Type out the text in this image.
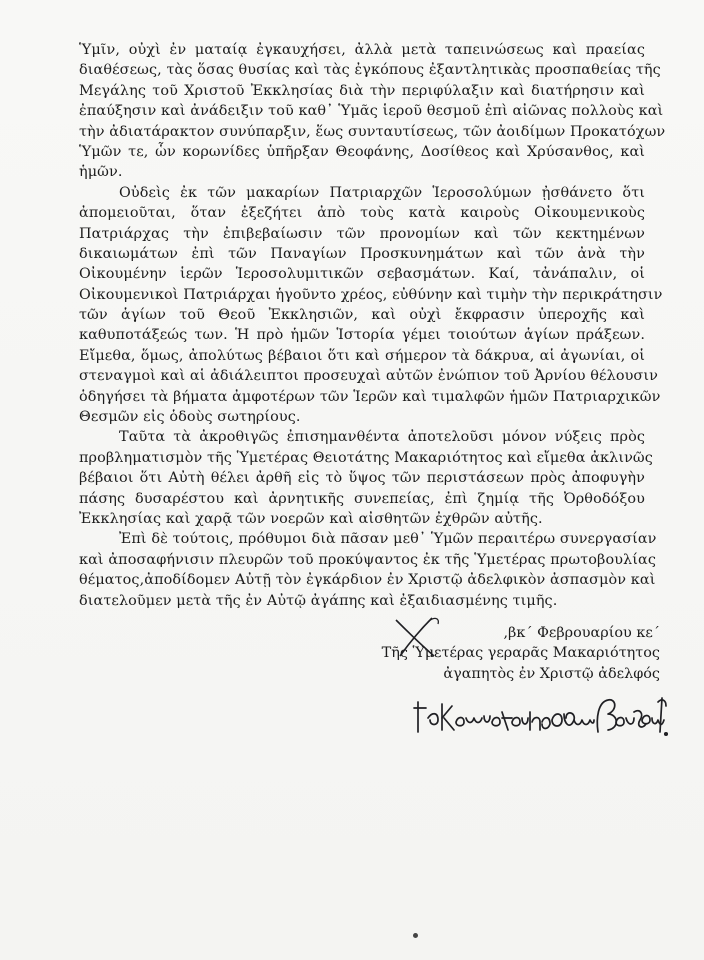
Ὑμῖν, οὐχὶ ἐν ματαίᾳ ἐγκαυχήσει, ἀλλὰ μετὰ ταπεινώσεως καὶ πραείας
διαθέσεως, τὰς ὅσας θυσίας καὶ τὰς ἐγκόπους ἐξαντλητικὰς προσπαθείας τῆς
Μεγάλης τοῦ Χριστοῦ Ἐκκλησίας διὰ τὴν περιφύλαξιν καὶ διατήρησιν καὶ
ἐπαύξησιν καὶ ἀνάδειξιν τοῦ καθ᾿ Ὑμᾶς ἱεροῦ θεσμοῦ ἐπὶ αἰῶνας πολλοὺς καὶ
τὴν ἀδιατάρακτον συνύπαρξιν, ἕως συνταυτίσεως, τῶν ἀοιδίμων Προκατόχων
Ὑμῶν τε, ὧν κορωνίδες ὑπῆρξαν Θεοφάνης, Δοσίθεος καὶ Χρύσανθος, καὶ
ἡμῶν.
Οὐδεὶς ἐκ τῶν μακαρίων Πατριαρχῶν Ἱεροσολύμων ᾐσθάνετο ὅτι
ἀπομειοῦται, ὅταν ἐξεζήτει ἀπὸ τοὺς κατὰ καιροὺς Οἰκουμενικοὺς
Πατριάρχας τὴν ἐπιβεβαίωσιν τῶν προνομίων καὶ τῶν κεκτημένων
δικαιωμάτων ἐπὶ τῶν Παναγίων Προσκυνημάτων καὶ τῶν ἀνὰ τὴν
Οἰκουμένην ἱερῶν Ἱεροσολυμιτικῶν σεβασμάτων. Καί, τἀνάπαλιν, οἱ
Οἰκουμενικοὶ Πατριάρχαι ἡγοῦντο χρέος, εὐθύνην καὶ τιμὴν τὴν περικράτησιν
τῶν ἁγίων τοῦ Θεοῦ Ἐκκλησιῶν, καὶ οὐχὶ ἔκφρασιν ὑπεροχῆς καὶ
καθυποτάξεώς των. Ἡ πρὸ ἡμῶν Ἱστορία γέμει τοιούτων ἁγίων πράξεων.
Εἴμεθα, ὅμως, ἀπολύτως βέβαιοι ὅτι καὶ σήμερον τὰ δάκρυα, αἱ ἀγωνίαι, οἱ
στεναγμοὶ καὶ αἱ ἀδιάλειπτοι προσευχαὶ αὐτῶν ἐνώπιον τοῦ Ἀρνίου θέλουσιν
ὁδηγήσει τὰ βήματα ἀμφοτέρων τῶν Ἱερῶν καὶ τιμαλφῶν ἡμῶν Πατριαρχικῶν
Θεσμῶν εἰς ὁδοὺς σωτηρίους.
Ταῦτα τὰ ἀκροθιγῶς ἐπισημανθέντα ἀποτελοῦσι μόνον νύξεις πρὸς
προβληματισμὸν τῆς Ὑμετέρας Θειοτάτης Μακαριότητος καὶ εἴμεθα ἀκλινῶς
βέβαιοι ὅτι Αὐτὴ θέλει ἀρθῆ εἰς τὸ ὕψος τῶν περιστάσεων πρὸς ἀποφυγὴν
πάσης δυσαρέστου καὶ ἀρνητικῆς συνεπείας, ἐπὶ ζημίᾳ τῆς Ὀρθοδόξου
Ἐκκλησίας καὶ χαρᾷ τῶν νοερῶν καὶ αἰσθητῶν ἐχθρῶν αὐτῆς.
Ἐπὶ δὲ τούτοις, πρόθυμοι διὰ πᾶσαν μεθ᾿ Ὑμῶν περαιτέρω συνεργασίαν
καὶ ἀποσαφήνισιν πλευρῶν τοῦ προκύψαντος ἐκ τῆς Ὑμετέρας πρωτοβουλίας
θέματος,ἀποδίδομεν Αὐτῇ τὸν ἐγκάρδιον ἐν Χριστῷ ἀδελφικὸν ἀσπασμὸν καὶ
διατελοῦμεν μετὰ τῆς ἐν Αὐτῷ ἀγάπης καὶ ἐξαιδιασμένης τιμῆς.
,βκ΄ Φεβρουαρίου κε΄
Τῆς Ὑμετέρας γεραρᾶς Μακαριότητος
ἀγαπητὸς ἐν Χριστῷ ἀδελφός
